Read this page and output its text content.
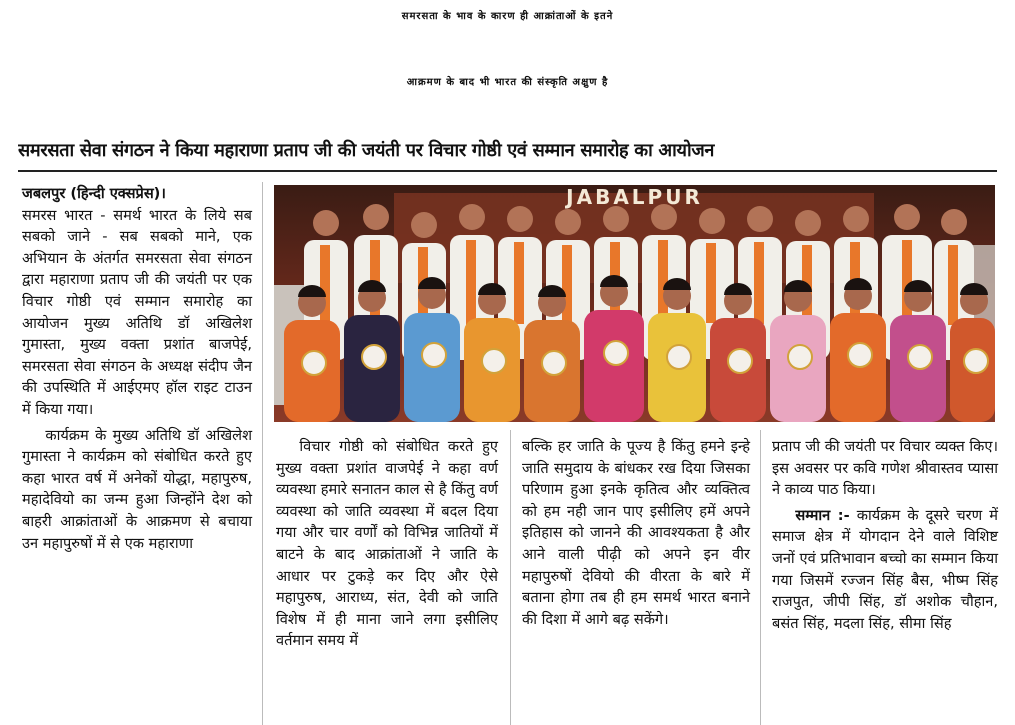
समरसता के भाव के कारण ही आक्रांताओं के इतने
आक्रमण के बाद भी भारत की संस्कृति अक्षुण है
समरसता सेवा संगठन ने किया महाराणा प्रताप जी की जयंती पर विचार गोष्ठी एवं सम्मान समारोह का आयोजन

जबलपुर (हिन्दी एक्सप्रेस)।

समरस भारत - समर्थ भारत के लिये सब सबको जाने - सब सबको माने, एक अभियान के अंतर्गत समरसता सेवा संगठन द्वारा महाराणा प्रताप जी की जयंती पर एक विचार गोष्ठी एवं सम्मान समारोह का आयोजन मुख्य अतिथि डॉ अखिलेश गुमास्ता, मुख्य वक्ता प्रशांत बाजपेई, समरसता सेवा संगठन के अध्यक्ष संदीप जैन की उपस्थिति में आईएमए हॉल राइट टाउन में किया गया।

कार्यक्रम के मुख्य अतिथि डॉ अखिलेश गुमास्ता ने कार्यक्रम को संबोधित करते हुए कहा भारत वर्ष में अनेकों योद्धा, महापुरुष, महादेवियो का जन्म हुआ जिन्होंने देश को बाहरी आक्रांताओं के आक्रमण से बचाया उन महापुरुषों में से एक महाराणा

JABALPUR

विचार गोष्ठी को संबोधित करते हुए मुख्य वक्ता प्रशांत वाजपेई ने कहा वर्ण व्यवस्था हमारे सनातन काल से है किंतु वर्ण व्यवस्था को जाति व्यवस्था में बदल दिया गया और चार वर्णों को विभिन्न जातियों में बाटने के बाद आक्रांताओं ने जाति के आधार पर टुकड़े कर दिए और ऐसे महापुरुष, आराध्य, संत, देवी को जाति विशेष में ही माना जाने लगा इसीलिए वर्तमान समय में

बल्कि हर जाति के पूज्य है किंतु हमने इन्हे जाति समुदाय के बांधकर रख दिया जिसका परिणाम हुआ इनके कृतित्व और व्यक्तित्व को हम नही जान पाए इसीलिए हमें अपने इतिहास को जानने की आवश्यकता है और आने वाली पीढ़ी को अपने इन वीर महापुरुषों देवियो की वीरता के बारे में बताना होगा तब ही हम समर्थ भारत बनाने की दिशा में आगे बढ़ सकेंगे।

प्रताप जी की जयंती पर विचार व्यक्त किए। इस अवसर पर कवि गणेश श्रीवास्तव प्यासा ने काव्य पाठ किया।

सम्मान :- कार्यक्रम के दूसरे चरण में समाज क्षेत्र में योगदान देने वाले विशिष्ट जनों एवं प्रतिभावान बच्चो का सम्मान किया गया जिसमें रज्जन सिंह बैस, भीष्म सिंह राजपुत, जीपी सिंह, डॉ अशोक चौहान, बसंत सिंह, मदला सिंह, सीमा सिंह
